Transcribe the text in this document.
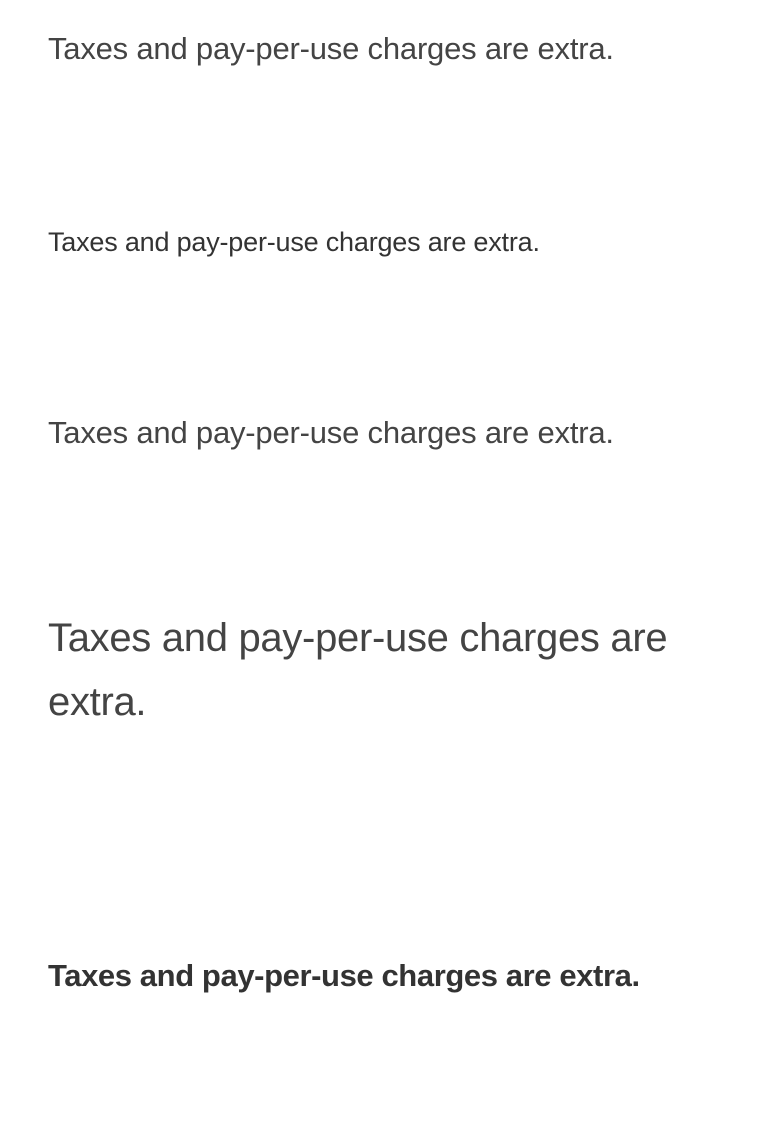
Taxes and pay-per-use charges are extra.

Taxes and pay-per-use charges are extra.

Taxes and pay-per-use charges are extra.

Taxes and pay-per-use charges are extra.

Taxes and pay-per-use charges are extra.
